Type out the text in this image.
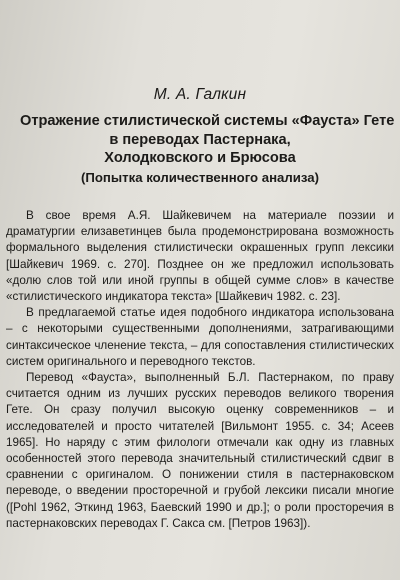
М. А. Галкин
Отражение стилистической системы «Фауста» Гете
в переводах Пастернака,
Холодковского и Брюсова
(Попытка количественного анализа)

В свое время А.Я. Шайкевичем на материале поэзии и драматургии елизаветинцев была продемонстрирована возможность формального выделения стилистически окрашенных групп лексики [Шайкевич 1969. с. 270]. Позднее он же предложил использовать «долю слов той или иной группы в общей сумме слов» в качестве «стилистического индикатора текста» [Шайкевич 1982. с. 23].

В предлагаемой статье идея подобного индикатора использована – с некоторыми существенными дополнениями, затрагивающими синтаксическое членение текста, – для сопоставления стилистических систем оригинального и переводного текстов.

Перевод «Фауста», выполненный Б.Л. Пастернаком, по праву считается одним из лучших русских переводов великого творения Гете. Он сразу получил высокую оценку современников – и исследователей и просто читателей [Вильмонт 1955. с. 34; Асеев 1965]. Но наряду с этим филологи отмечали как одну из главных особенностей этого перевода значительный стилистический сдвиг в сравнении с оригиналом. О понижении стиля в пастернаковском переводе, о введении просторечной и грубой лексики писали многие ([Pohl 1962, Эткинд 1963, Баевский 1990 и др.]; о роли просторечия в пастернаковских переводах Г. Сакса см. [Петров 1963]).
